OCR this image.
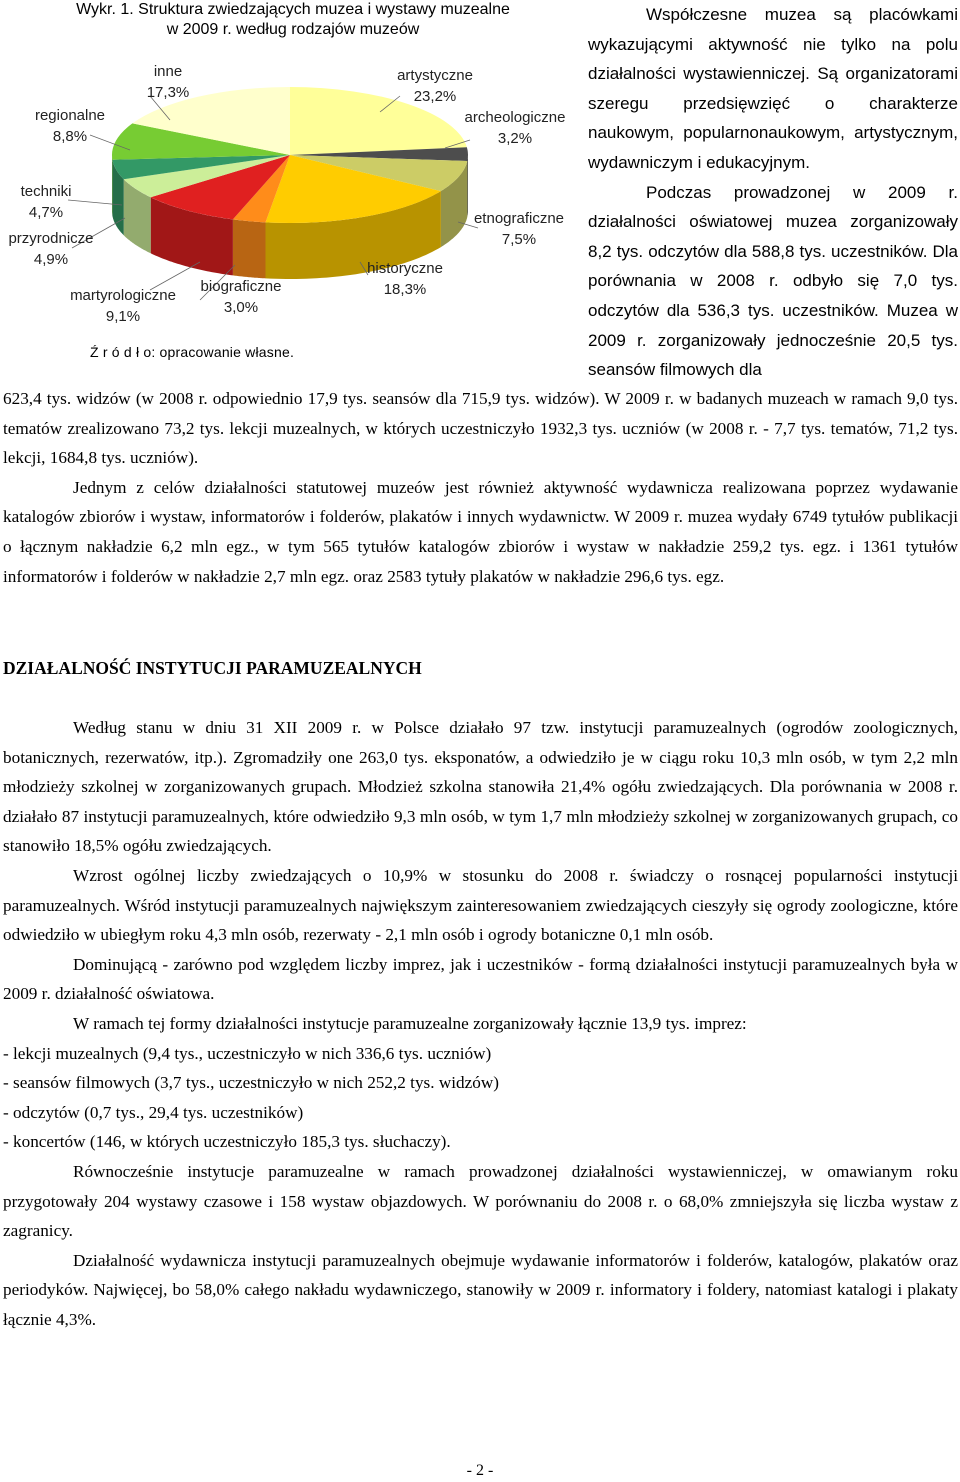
Wykr. 1. Struktura zwiedzających muzea i wystawy muzealne
w 2009 r. według rodzajów muzeów
artystyczne
23,2%
archeologiczne
3,2%
etnograficzne
7,5%
historyczne
18,3%
biograficzne
3,0%
martyrologiczne
9,1%
przyrodnicze
4,9%
techniki
4,7%
regionalne
8,8%
inne
17,3%
Ź r ó d ł o: opracowanie własne.

Współczesne muzea są placówkami wykazującymi aktywność nie tylko na polu działalności wystawienniczej. Są organizatorami szeregu przedsięwzięć o charakterze naukowym, popularnonaukowym, artystycznym, wydawniczym i edukacyjnym.

Podczas prowadzonej w 2009 r. działalności oświatowej muzea zorganizowały 8,2 tys. odczytów dla 588,8 tys. uczestników. Dla porównania w 2008 r. odbyło się 7,0 tys. odczytów dla 536,3 tys. uczestników. Muzea w 2009 r. zorganizowały jednocześnie 20,5 tys. seansów filmowych dla

623,4 tys. widzów (w 2008 r. odpowiednio 17,9 tys. seansów dla 715,9 tys. widzów). W 2009 r. w badanych muzeach w ramach 9,0 tys. tematów zrealizowano 73,2 tys. lekcji muzealnych, w których uczestniczyło 1932,3 tys. uczniów (w 2008 r. - 7,7 tys. tematów, 71,2 tys. lekcji, 1684,8 tys. uczniów).

Jednym z celów działalności statutowej muzeów jest również aktywność wydawnicza realizowana poprzez wydawanie katalogów zbiorów i wystaw, informatorów i folderów, plakatów i innych wydawnictw. W 2009 r. muzea wydały 6749 tytułów publikacji o łącznym nakładzie 6,2 mln egz., w tym 565 tytułów katalogów zbiorów i wystaw w nakładzie 259,2 tys. egz. i 1361 tytułów informatorów i folderów w nakładzie 2,7 mln egz. oraz 2583 tytuły plakatów w nakładzie 296,6 tys. egz.

DZIAŁALNOŚĆ INSTYTUCJI PARAMUZEALNYCH

Według stanu w dniu 31 XII 2009 r. w Polsce działało 97 tzw. instytucji paramuzealnych (ogrodów zoologicznych, botanicznych, rezerwatów, itp.). Zgromadziły one 263,0 tys. eksponatów, a odwiedziło je w ciągu roku 10,3 mln osób, w tym 2,2 mln młodzieży szkolnej w zorganizowanych grupach. Młodzież szkolna stanowiła 21,4% ogółu zwiedzających. Dla porównania w 2008 r. działało 87 instytucji paramuzealnych, które odwiedziło 9,3 mln osób, w tym 1,7 mln młodzieży szkolnej w zorganizowanych grupach, co stanowiło 18,5% ogółu zwiedzających.

Wzrost ogólnej liczby zwiedzających o 10,9% w stosunku do 2008 r. świadczy o rosnącej popularności instytucji paramuzealnych. Wśród instytucji paramuzealnych największym zainteresowaniem zwiedzających cieszyły się ogrody zoologiczne, które odwiedziło w ubiegłym roku 4,3 mln osób, rezerwaty - 2,1 mln osób i ogrody botaniczne 0,1 mln osób.

Dominującą - zarówno pod względem liczby imprez, jak i uczestników - formą działalności instytucji paramuzealnych była w 2009 r. działalność oświatowa.

W ramach tej formy działalności instytucje paramuzealne zorganizowały łącznie 13,9 tys. imprez:

- lekcji muzealnych (9,4 tys., uczestniczyło w nich 336,6 tys. uczniów)

- seansów filmowych (3,7 tys., uczestniczyło w nich 252,2 tys. widzów)

- odczytów (0,7 tys., 29,4 tys. uczestników)

- koncertów (146, w których uczestniczyło 185,3 tys. słuchaczy).

Równocześnie instytucje paramuzealne w ramach prowadzonej działalności wystawienniczej, w omawianym roku przygotowały 204 wystawy czasowe i 158 wystaw objazdowych. W porównaniu do 2008 r. o 68,0% zmniejszyła się liczba wystaw z zagranicy.

Działalność wydawnicza instytucji paramuzealnych obejmuje wydawanie informatorów i folderów, katalogów, plakatów oraz periodyków. Najwięcej, bo 58,0% całego nakładu wydawniczego, stanowiły w 2009 r. informatory i foldery, natomiast katalogi i plakaty łącznie 4,3%.

- 2 -
